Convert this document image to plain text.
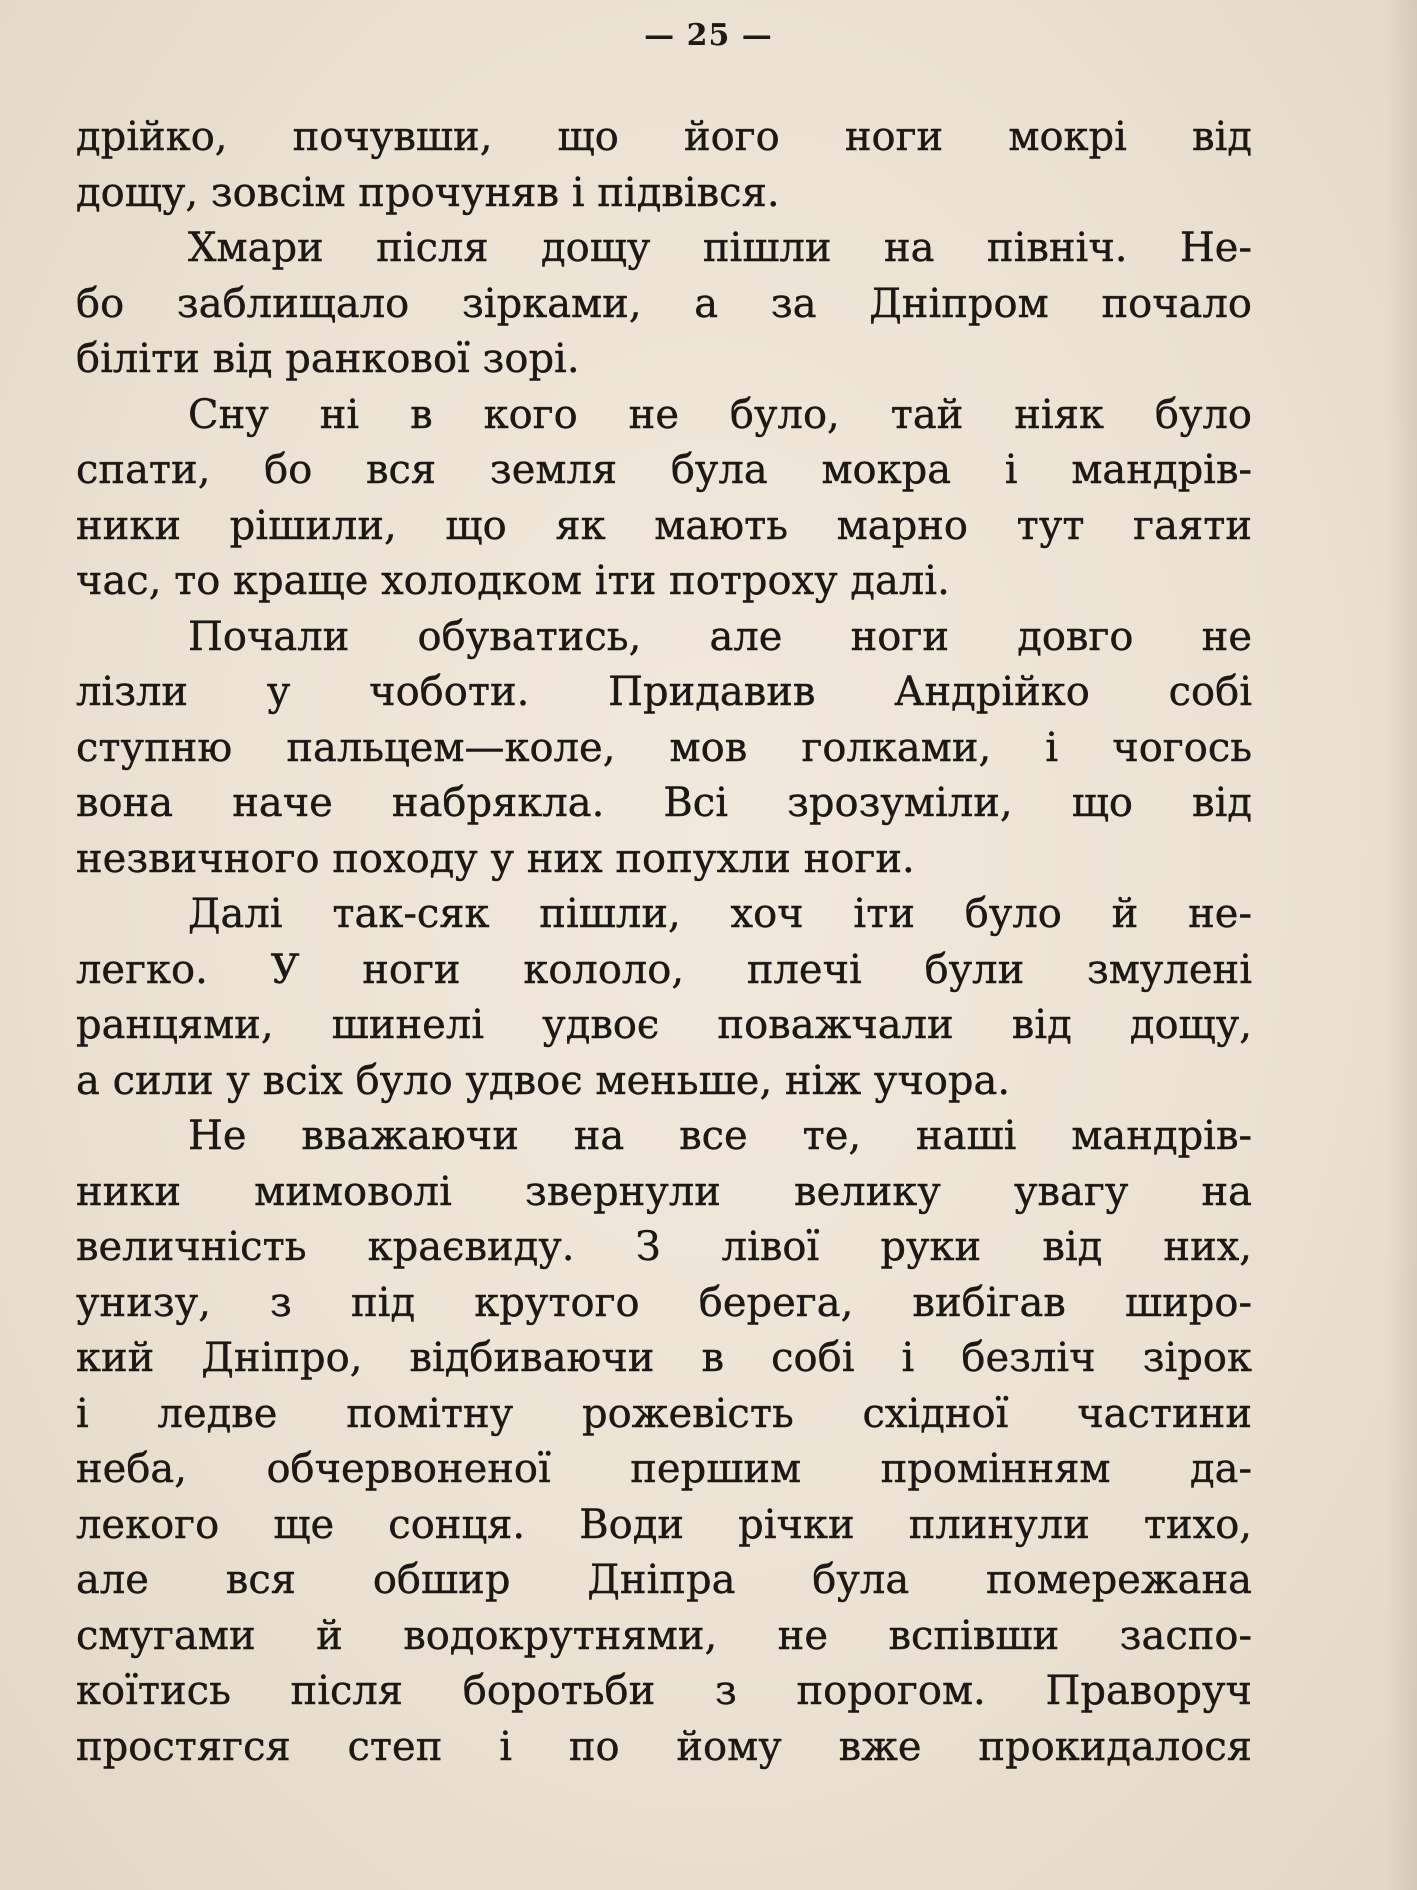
— 25 —
дрійко, почувши, що його ноги мокрі від
дощу, зовсім прочуняв і підвівся.
Хмари після дощу пішли на північ. Не-
бо заблищало зірками, а за Дніпром почало
біліти від ранкової зорі.
Сну ні в кого не було, тай ніяк було
спати, бо вся земля була мокра і мандрів-
ники рішили, що як мають марно тут гаяти
час, то краще холодком іти потроху далі.
Почали обуватись, але ноги довго не
лізли у чоботи. Придавив Андрійко собі
ступню пальцем—коле, мов голками, і чогось
вона наче набрякла. Всі зрозуміли, що від
незвичного походу у них попухли ноги.
Далі так-сяк пішли, хоч іти було й не-
легко. У ноги кололо, плечі були змулені
ранцями, шинелі удвоє поважчали від дощу,
а сили у всіх було удвоє меньше, ніж учора.
Не вважаючи на все те, наші мандрів-
ники мимоволі звернули велику увагу на
величність краєвиду. З лівої руки від них,
унизу, з під крутого берега, вибігав широ-
кий Дніпро, відбиваючи в собі і безліч зірок
і ледве помітну рожевість східної частини
неба, обчервоненої першим промінням да-
лекого ще сонця. Води річки плинули тихо,
але вся обшир Дніпра була помережана
смугами й водокрутнями, не вспівши заспо-
коїтись після боротьби з порогом. Праворуч
простягся степ і по йому вже прокидалося
